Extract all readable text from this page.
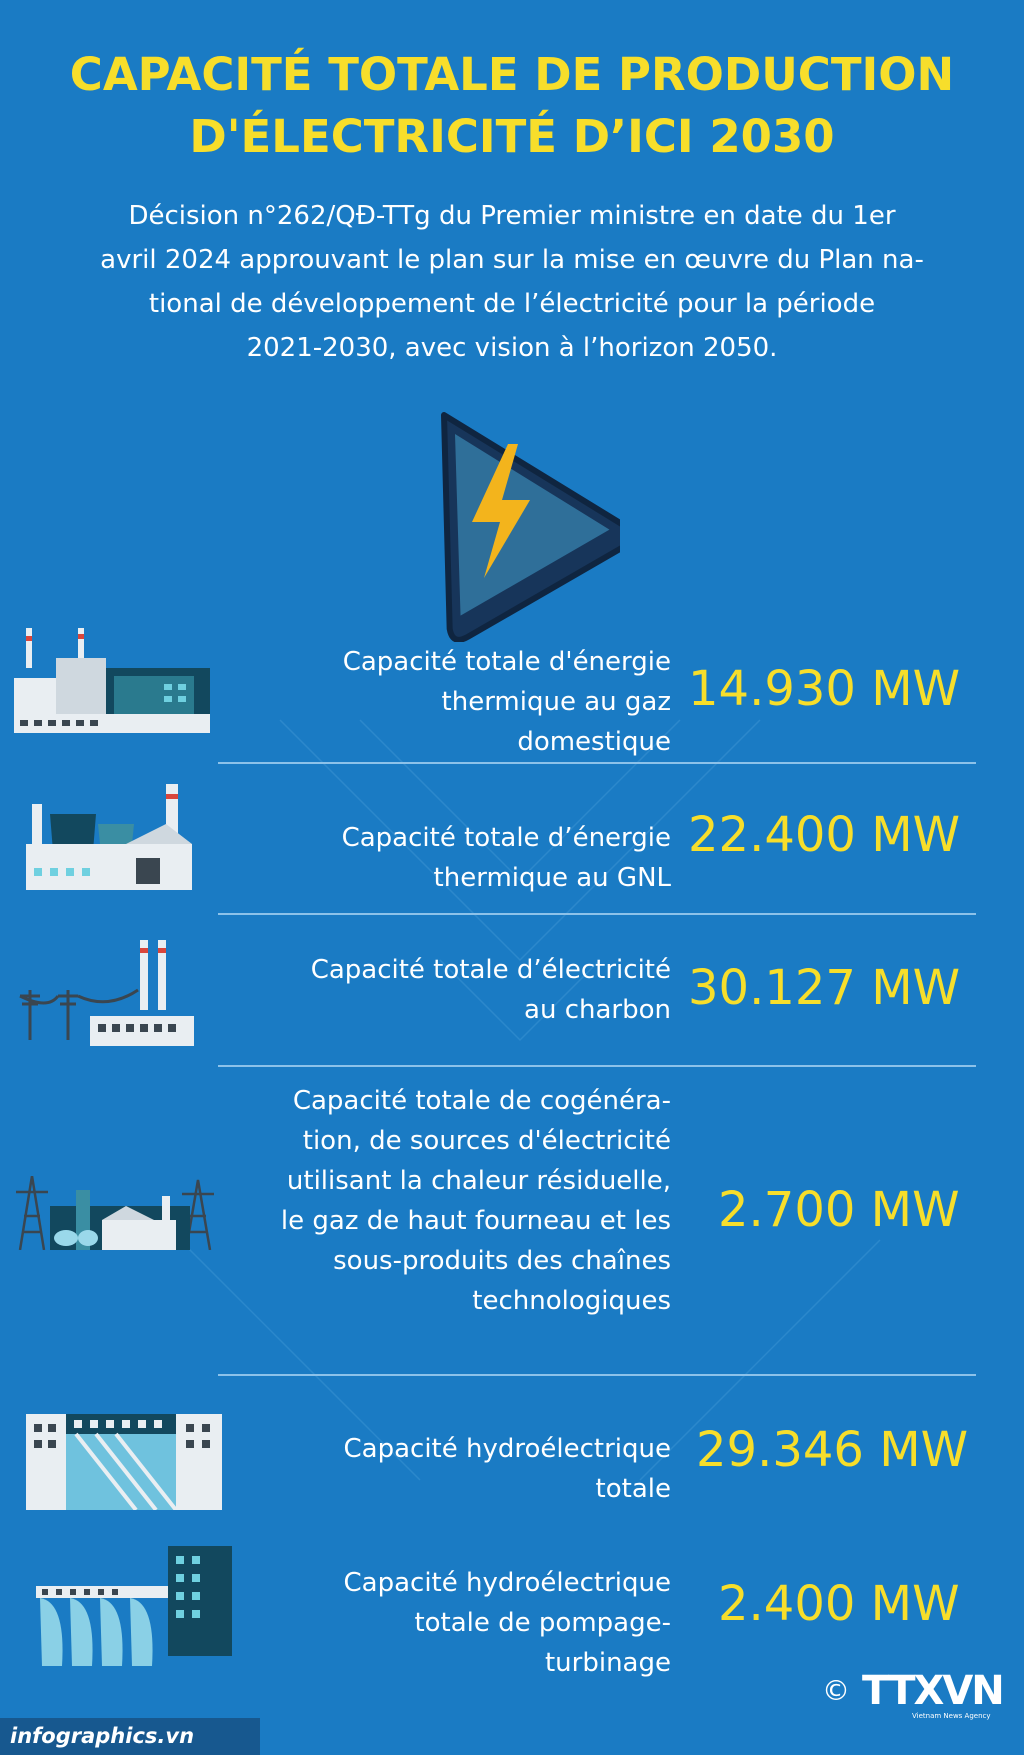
CAPACITÉ TOTALE DE PRODUCTION
D'ÉLECTRICITÉ D’ICI 2030
Décision n°262/QĐ-TTg du Premier ministre en date du 1er
avril 2024 approuvant le plan sur la mise en œuvre du Plan na-
tional de développement de l’électricité pour la période
2021-2030, avec vision à l’horizon 2050.
Capacité totale d'énergie
thermique au gaz
domestique
14.930 MW
Capacité totale d’énergie
thermique au GNL
22.400 MW
Capacité totale d’électricité
au charbon 30.127 MW
Capacité totale de cogénéra-
tion, de sources d'électricité
utilisant la chaleur résiduelle,
le gaz de haut fourneau et les
sous-produits des chaînes
technologiques
2.700 MW
Capacité hydroélectrique
totale
29.346 MW
Capacité hydroélectrique
totale de pompage-
turbinage
2.400 MW
infographics.vn
© TTXVN
Vietnam News Agency
